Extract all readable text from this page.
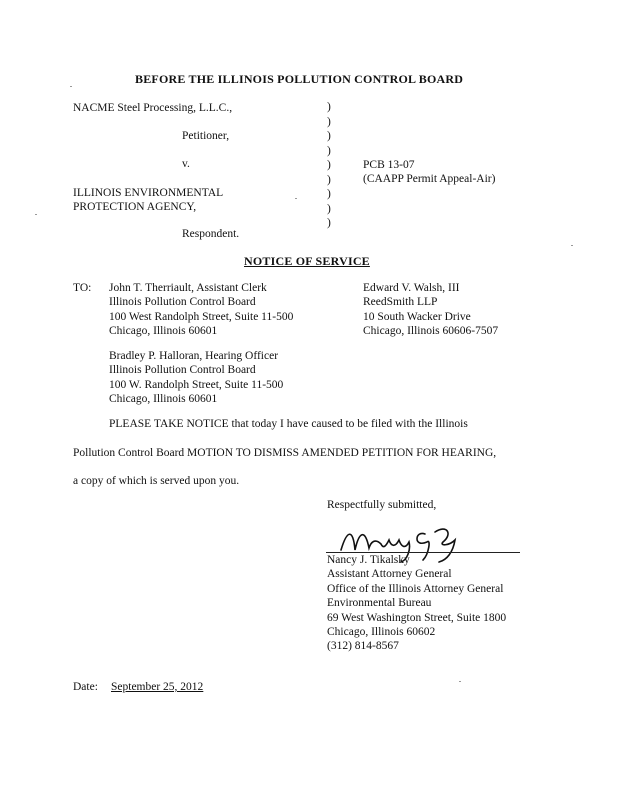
BEFORE THE ILLINOIS POLLUTION CONTROL BOARD
NACME Steel Processing, L.L.C.,
Petitioner,
v.
ILLINOIS ENVIRONMENTAL
PROTECTION AGENCY,
Respondent.
)
)
)
)
)
)
)
)
)
PCB 13-07
(CAAPP Permit Appeal-Air)
NOTICE OF SERVICE
TO: John T. Therriault, Assistant Clerk
Illinois Pollution Control Board
100 West Randolph Street, Suite 11-500
Chicago, Illinois 60601
Edward V. Walsh, III
ReedSmith LLP
10 South Wacker Drive
Chicago, Illinois 60606-7507
Bradley P. Halloran, Hearing Officer
Illinois Pollution Control Board
100 W. Randolph Street, Suite 11-500
Chicago, Illinois 60601
PLEASE TAKE NOTICE that today I have caused to be filed with the Illinois
Pollution Control Board MOTION TO DISMISS AMENDED PETITION FOR HEARING,
a copy of which is served upon you.
Respectfully submitted,
Nancy J. Tikalsky
Assistant Attorney General
Office of the Illinois Attorney General
Environmental Bureau
69 West Washington Street, Suite 1800
Chicago, Illinois 60602
(312) 814-8567
Date: September 25, 2012
